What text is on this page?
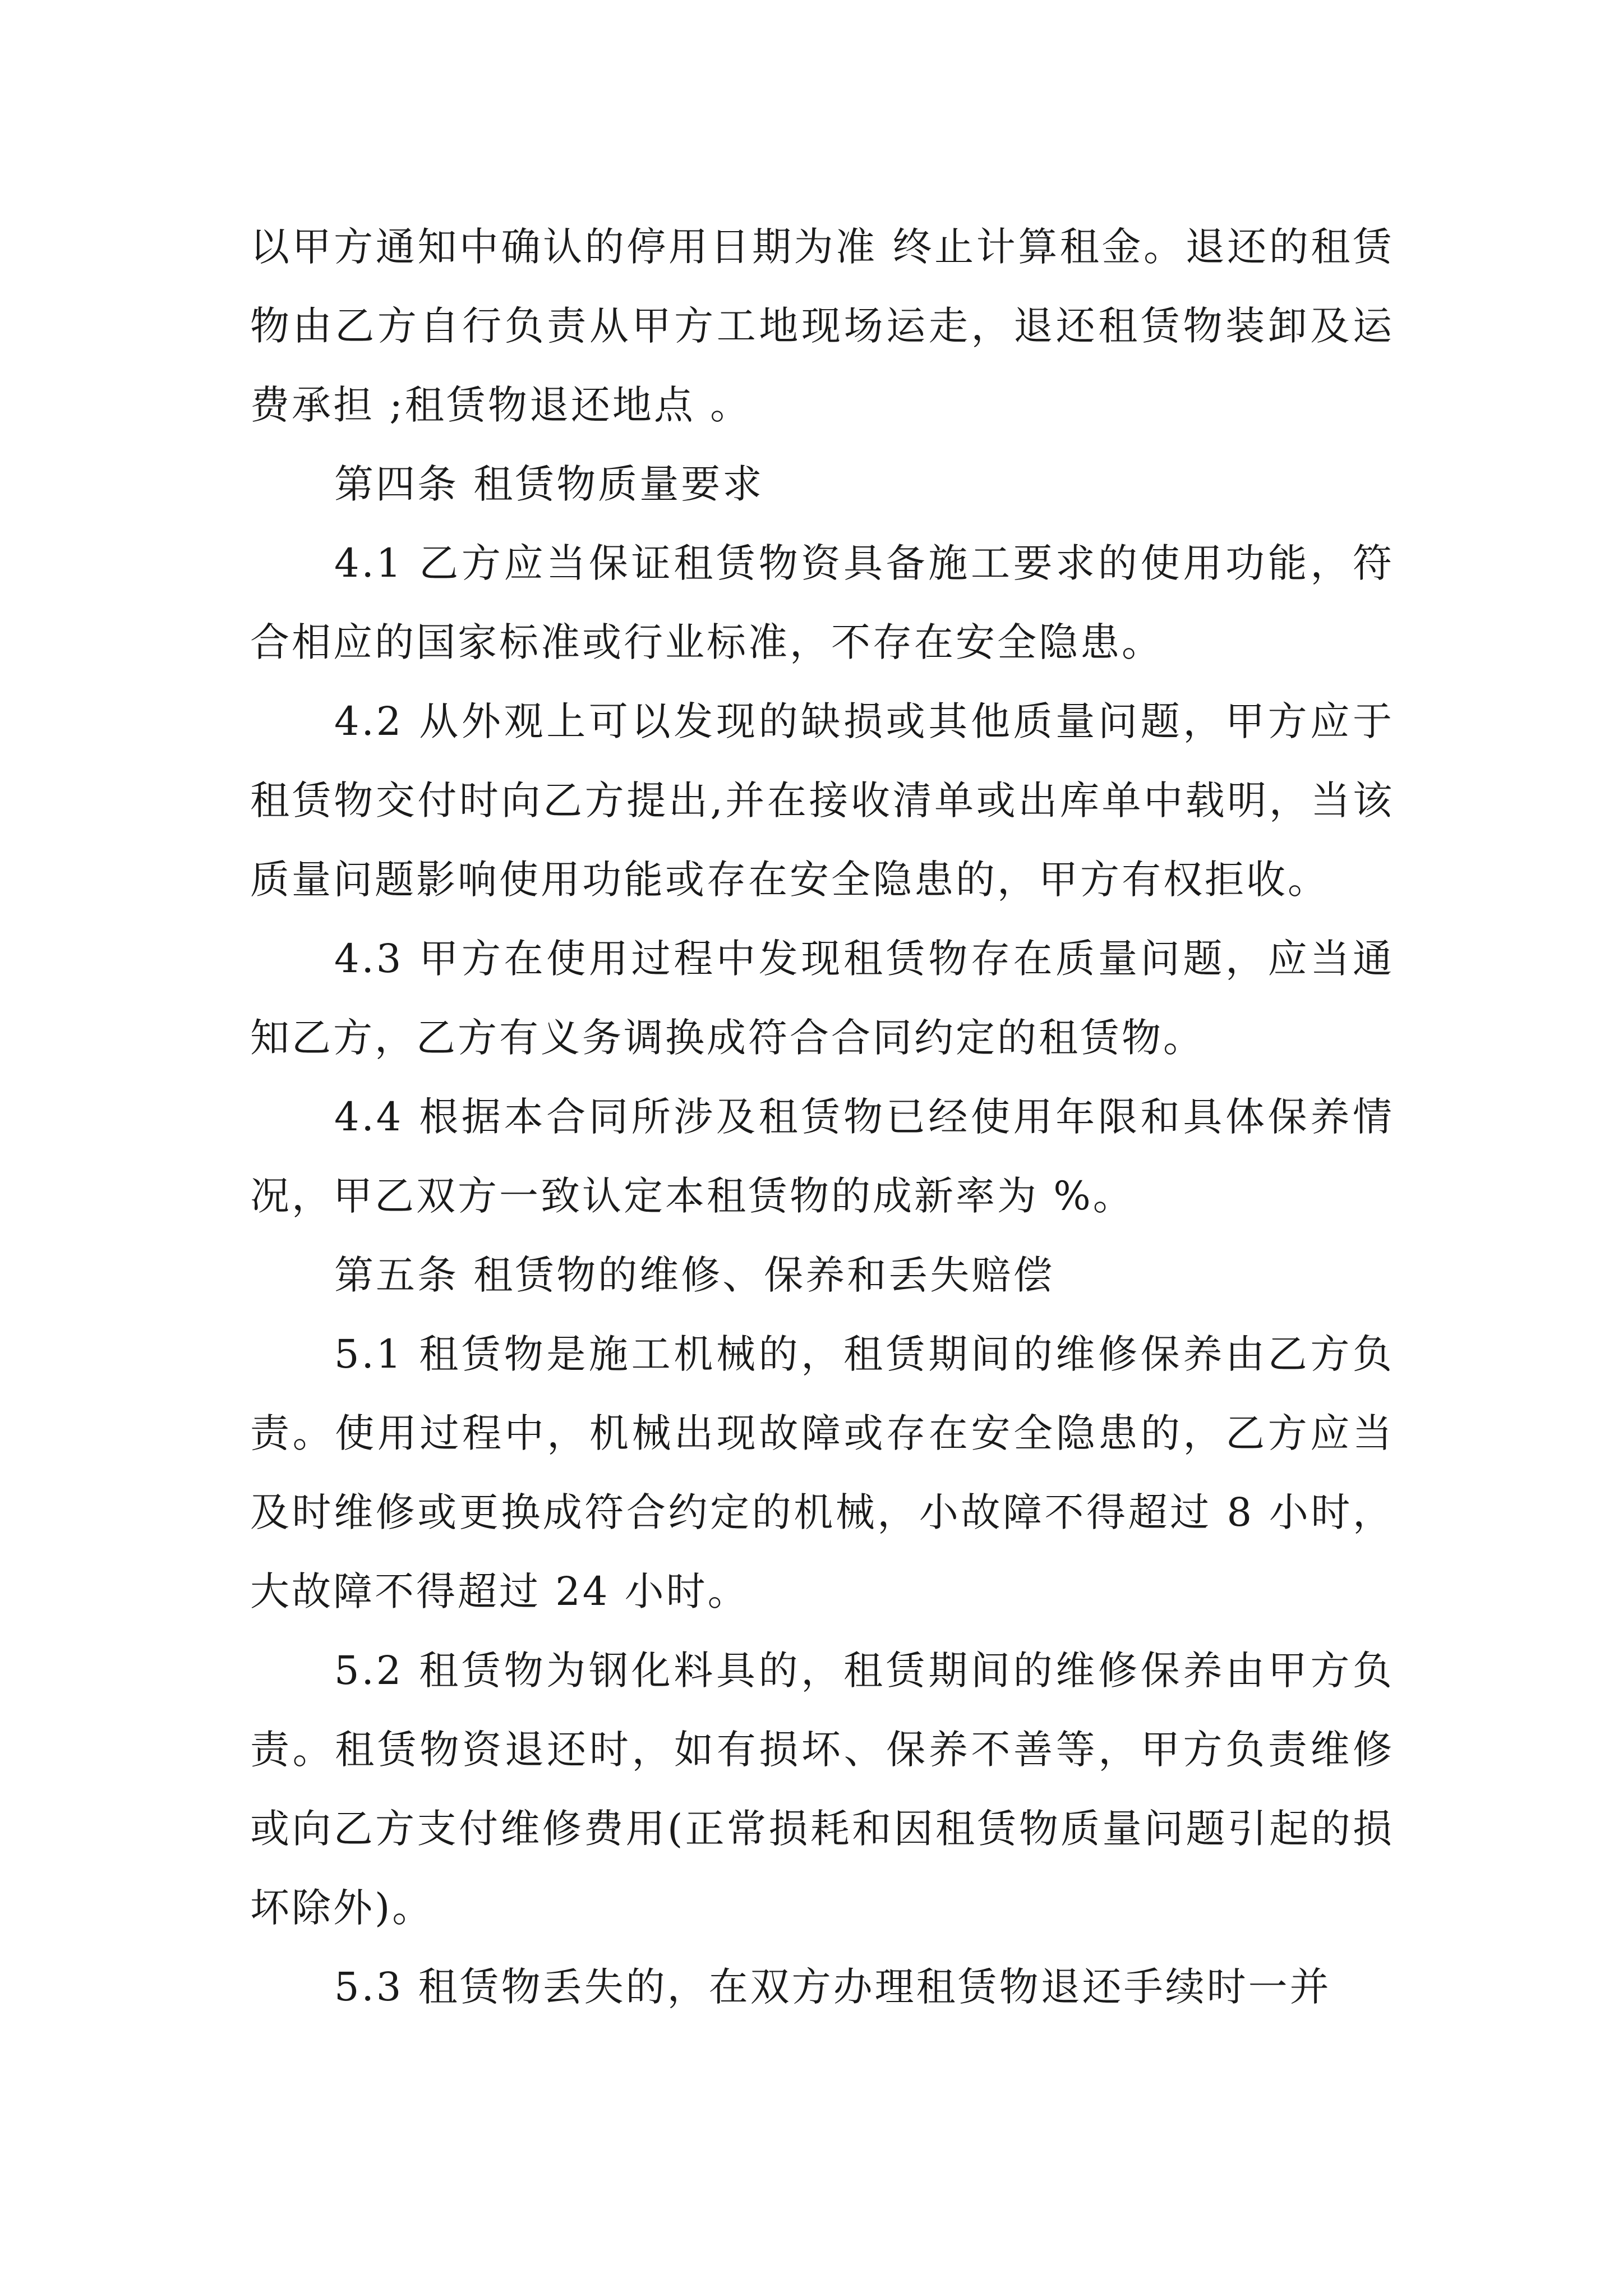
以甲方通知中确认的停用日期为准 终止计算租金。退还的租赁物由乙方自行负责从甲方工地现场运走，退还租赁物装卸及运费承担 ;租赁物退还地点 。

第四条 租赁物质量要求

4.1 乙方应当保证租赁物资具备施工要求的使用功能，符合相应的国家标准或行业标准，不存在安全隐患。

4.2 从外观上可以发现的缺损或其他质量问题，甲方应于租赁物交付时向乙方提出,并在接收清单或出库单中载明，当该质量问题影响使用功能或存在安全隐患的，甲方有权拒收。

4.3 甲方在使用过程中发现租赁物存在质量问题，应当通知乙方，乙方有义务调换成符合合同约定的租赁物。

4.4 根据本合同所涉及租赁物已经使用年限和具体保养情况，甲乙双方一致认定本租赁物的成新率为 %。

第五条 租赁物的维修、保养和丢失赔偿

5.1 租赁物是施工机械的，租赁期间的维修保养由乙方负责。使用过程中，机械出现故障或存在安全隐患的，乙方应当及时维修或更换成符合约定的机械，小故障不得超过 8 小时，大故障不得超过 24 小时。

5.2 租赁物为钢化料具的，租赁期间的维修保养由甲方负责。租赁物资退还时，如有损坏、保养不善等，甲方负责维修或向乙方支付维修费用(正常损耗和因租赁物质量问题引起的损坏除外)。

5.3 租赁物丢失的，在双方办理租赁物退还手续时一并
